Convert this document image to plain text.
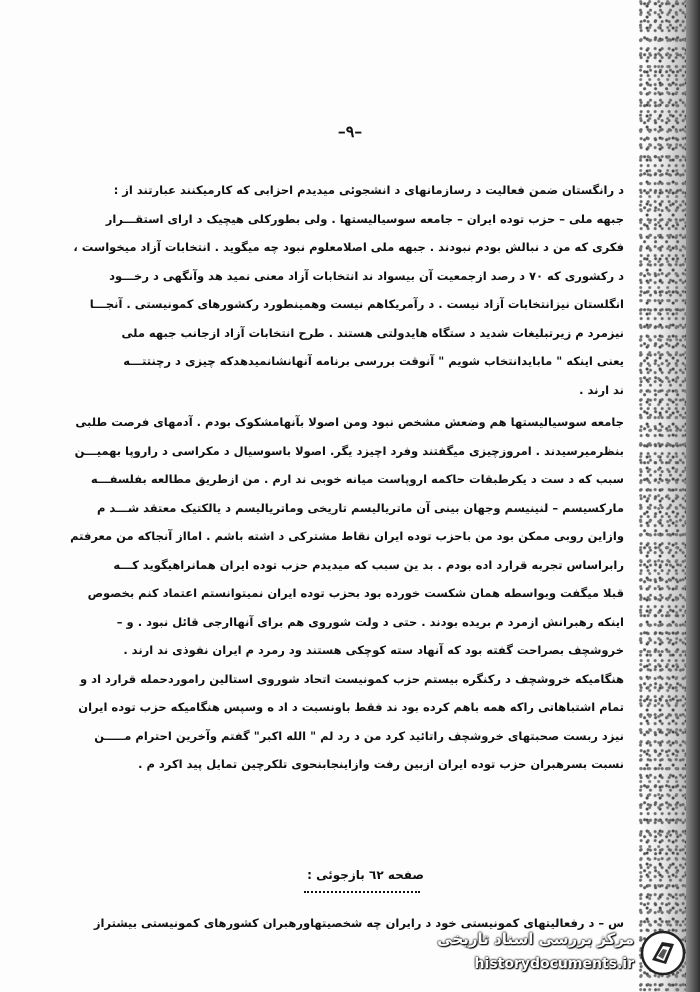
–۹–
د رانگستان ضمن فعالیت د رسازمانهای د انشجوئی میدیدم احزابی که کارمیکنند عبارتند از :
جبهه ملی – حزب توده ایران – جامعه سوسیالیستها . ولی بطورکلی هیچیک د ارای استقـــرار
فکری که من د نبالش بودم نبودند . جبهه ملی اصلامعلوم نبود چه میگوید . انتخابات آزاد میخواست ،
د رکشوری که ۷۰ د رصد ازجمعیت آن بیسواد ند انتخابات آزاد معنی نمید هد وآنگهی د رخـــود
انگلستان نیزانتخابات آزاد نیست . د رآمریکاهم نیست وهمینطورد رکشورهای کمونیستی . آنجـــا
نیزمرد م زیرتبلیغات شدید د ستگاه هایدولتی هستند . طرح انتخابات آزاد ازجانب جبهه ملی
یعنی اینکه " مابایدانتخاب شویم " آنوقت بررسی برنامه آنهانشانمیدهدکه چیزی د رچنتتـــه
ند ارند .
جامعه سوسیالیستها هم وضعش مشخص نبود ومن اصولا بآنهامشکوک بودم . آدمهای فرصت طلبی
بنظرمیرسیدند . امروزچیزی میگفتند وفرد اچیزد یگر. اصولا باسوسیال د مکراسی د راروپا بهمیـــن
سبب که د ست د یکرطبقات حاکمه اروپاست میانه خوبی ند ارم . من ازطریق مطالعه بفلسفـــه
مارکسیسم – لنینیسم وجهان بینی آن ماتریالیسم تاریخی وماتریالیسم د یالکتیک معتقد شـــد م
وازاین روبی ممکن بود من باحزب توده ایران نقاط مشترکی د اشته باشم . امااز آنجاکه من معرفتم
رابراساس تجربه قرارد اده بودم . بد ین سبب که میدیدم حزب توده ایران همانراهیگوید کـــه
قبلا میگفت وبواسطه همان شکست خورده بود بحزب توده ایران نمیتوانستم اعتماد کنم بخصوص
اینکه رهبرانش ازمرد م بریده بودند . حتی د ولت شوروی هم برای آنهاارجی قائل نبود . و –
خروشچف بصراحت گفته بود که آنهاد سته کوچکی هستند ود رمرد م ایران نفوذی ند ارند .
هنگامیکه خروشچف د رکنگره بیستم حزب کمونیست اتحاد شوروی استالین راموردحمله قرارد اد و
تمام اشتباهاتی راکه همه باهم کرده بود ند فقط باونسبت د اد ه وسپس هنگامیکه حزب توده ایران
نیزد ربست صحبتهای خروشچف راتائید کرد من د رد لم " الله اکبر" گفتم وآخرین احترام مـــــن
نسبت بسرهبران حزب توده ایران ازبین رفت وازاینجابنحوی تلکرچین تمایل پید اکرد م .
صفحه ٦٢ بازجوئی :
س – د رفعالیتهای کمونیستی خود د رایران چه شخصیتهاورهبران کشورهای کمونیستی بیشتراز
مرکز بررسی اسناد تاریخی
historydocuments.ir
